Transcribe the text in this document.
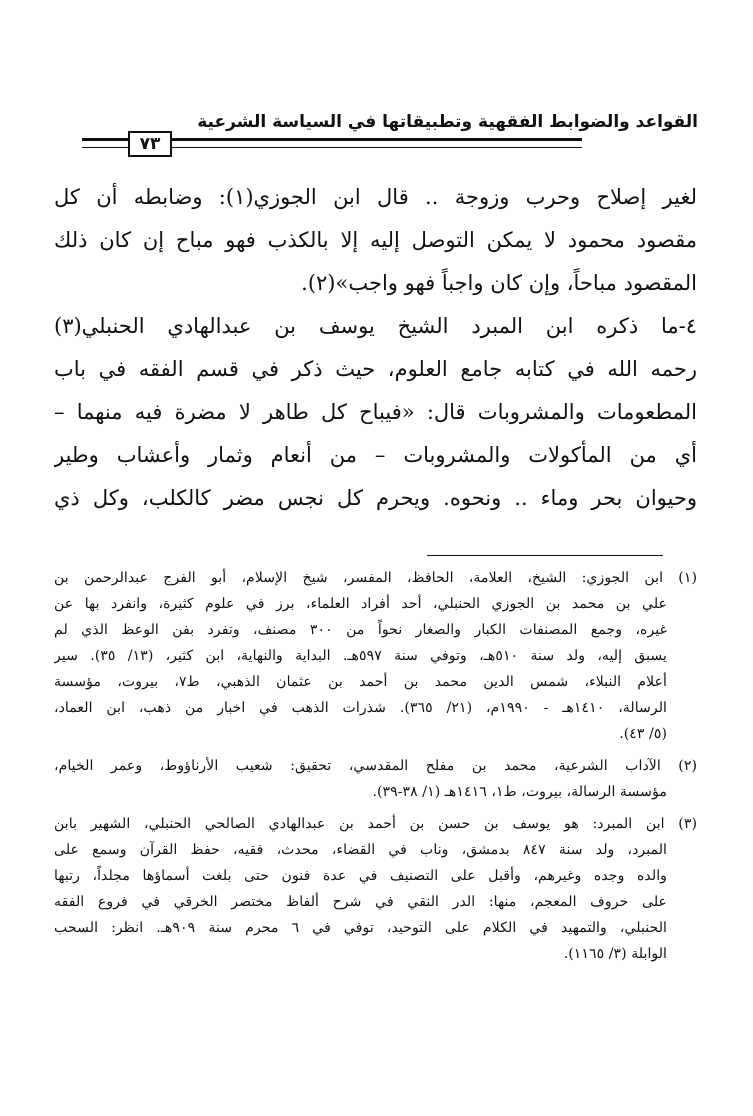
القواعد والضوابط الفقهية وتطبيقاتها في السياسة الشرعية
٧٣
لغير إصلاح وحرب وزوجة .. قال ابن الجوزي(١): وضابطه أن كل
مقصود محمود لا يمكن التوصل إليه إلا بالكذب فهو مباح إن كان ذلك
المقصود مباحاً، وإن كان واجباً فهو واجب»(٢).
٤-ما ذكره ابن المبرد الشيخ يوسف بن عبدالهادي الحنبلي(٣)
رحمه الله في كتابه جامع العلوم، حيث ذكر في قسم الفقه في باب
المطعومات والمشروبات قال: «فيباح كل طاهر لا مضرة فيه منهما –
أي من المأكولات والمشروبات – من أنعام وثمار وأعشاب وطير
وحيوان بحر وماء .. ونحوه. ويحرم كل نجس مضر كالكلب، وكل ذي
(١) ابن الجوزي: الشيخ، العلامة، الحافظ، المفسر، شيخ الإسلام، أبو الفرج عبدالرحمن بن
علي بن محمد بن الجوزي الحنبلي، أحد أفراد العلماء، برز في علوم كثيرة، وانفرد بها عن
غيره، وجمع المصنفات الكبار والصغار نحواً من ٣٠٠ مصنف، وتفرد بفن الوعظ الذي لم
يسبق إليه، ولد سنة ٥١٠هـ، وتوفي سنة ٥٩٧هـ. البداية والنهاية، ابن كثير، (١٣/ ٣٥). سير
أعلام النبلاء، شمس الدين محمد بن أحمد بن عثمان الذهبي، ط٧، بيروت، مؤسسة
الرسالة، ١٤١٠هـ - ١٩٩٠م، (٢١/ ٣٦٥). شذرات الذهب في اخبار من ذهب، ابن العماد،
(٥/ ٤٣).
(٢) الآداب الشرعية، محمد بن مفلح المقدسي، تحقيق: شعيب الأرناؤوط، وعمر الخيام،
مؤسسة الرسالة، بيروت، ط١، ١٤١٦هـ (١/ ٣٨-٣٩).
(٣) ابن المبرد: هو يوسف بن حسن بن أحمد بن عبدالهادي الصالحي الحنبلي، الشهير بابن
المبرد، ولد سنة ٨٤٧ بدمشق، وناب في القضاء، محدث، فقيه، حفظ القرآن وسمع على
والده وجده وغيرهم، وأقبل على التصنيف في عدة فنون حتى بلغت أسماؤها مجلداً، رتبها
على حروف المعجم، منها: الدر النقي في شرح ألفاظ مختصر الخرقي في فروع الفقه
الحنبلي، والتمهيد في الكلام على التوحيد، توفي في ٦ محرم سنة ٩٠٩هـ. انظر: السحب
الوابلة (٣/ ١١٦٥).
